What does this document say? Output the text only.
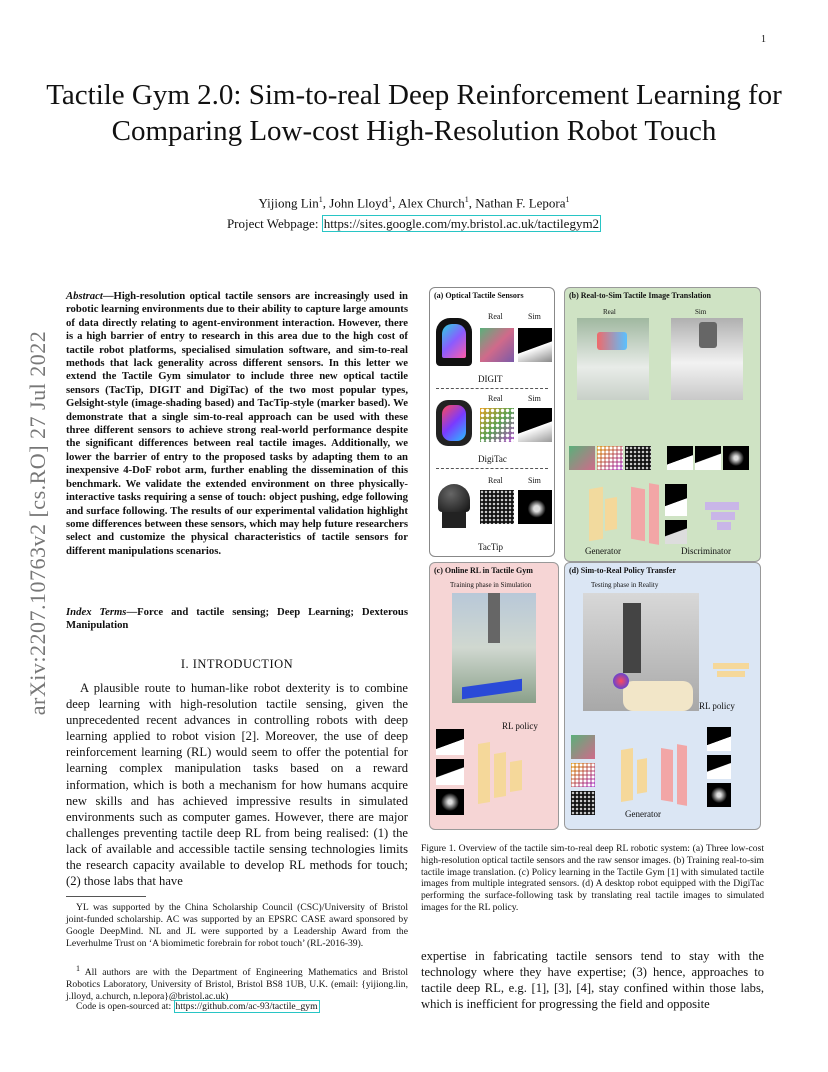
1
arXiv:2207.10763v2 [cs.RO] 27 Jul 2022
Tactile Gym 2.0: Sim-to-real Deep Reinforcement Learning for Comparing Low-cost High-Resolution Robot Touch
Yijiong Lin$^1$, John Lloyd$^1$, Alex Church$^1$, Nathan F. Lepora$^1$
Project Webpage: https://sites.google.com/my.bristol.ac.uk/tactilegym2
Abstract—High-resolution optical tactile sensors are increasingly used in robotic learning environments due to their ability to capture large amounts of data directly relating to agent-environment interaction. However, there is a high barrier of entry to research in this area due to the high cost of tactile robot platforms, specialised simulation software, and sim-to-real methods that lack generality across different sensors. In this letter we extend the Tactile Gym simulator to include three new optical tactile sensors (TacTip, DIGIT and DigiTac) of the two most popular types, Gelsight-style (image-shading based) and TacTip-style (marker based). We demonstrate that a single sim-to-real approach can be used with these three different sensors to achieve strong real-world performance despite the significant differences between real tactile images. Additionally, we lower the barrier of entry to the proposed tasks by adapting them to an inexpensive 4-DoF robot arm, further enabling the dissemination of this benchmark. We validate the extended environment on three physically-interactive tasks requiring a sense of touch: object pushing, edge following and surface following. The results of our experimental validation highlight some differences between these sensors, which may help future researchers select and customize the physical characteristics of tactile sensors for different manipulations scenarios.
Index Terms—Force and tactile sensing; Deep Learning; Dexterous Manipulation
I. INTRODUCTION
A plausible route to human-like robot dexterity is to combine deep learning with high-resolution tactile sensing, given the unprecedented recent advances in controlling robots with deep learning applied to robot vision [2]. Moreover, the use of deep reinforcement learning (RL) would seem to offer the potential for learning complex manipulation tasks based on a reward information, which is both a mechanism for how humans acquire new skills and has achieved impressive results in simulated environments such as computer games. However, there are major challenges preventing tactile deep RL from being realised: (1) the lack of available and accessible tactile sensing technologies limits the research capacity available to develop RL methods for touch; (2) those labs that have
YL was supported by the China Scholarship Council (CSC)/University of Bristol joint-funded scholarship. AC was supported by an EPSRC CASE award sponsored by Google DeepMind. NL and JL were supported by a Leadership Award from the Leverhulme Trust on ‘A biomimetic forebrain for robot touch’ (RL-2016-39).
$^1$ All authors are with the Department of Engineering Mathematics and Bristol Robotics Laboratory, University of Bristol, Bristol BS8 1UB, U.K. (email: {yijiong.lin, j.lloyd, a.church, n.lepora}@bristol.ac.uk)
Code is open-sourced at: https://github.com/ac-93/tactile_gym
(a) Optical Tactile Sensors
Real	Sim
DIGIT
Real	Sim
DigiTac
Real	Sim
TacTip
(b) Real-to-Sim Tactile Image Translation
Real	Sim
Generator	Discriminator
(c) Online RL in Tactile Gym
Training phase in Simulation
RL policy
(d) Sim-to-Real Policy Transfer
Testing phase in Reality
RL policy
Generator
Figure 1. Overview of the tactile sim-to-real deep RL robotic system: (a) Three low-cost high-resolution optical tactile sensors and the raw sensor images. (b) Training real-to-sim tactile image translation. (c) Policy learning in the Tactile Gym [1] with simulated tactile images from multiple integrated sensors. (d) A desktop robot equipped with the DigiTac performing the surface-following task by translating real tactile images to simulated images for the RL policy.
expertise in fabricating tactile sensors tend to stay with the technology where they have expertise; (3) hence, approaches to tactile deep RL, e.g. [1], [3], [4], stay confined within those labs, which is inefficient for progressing the field and opposite
